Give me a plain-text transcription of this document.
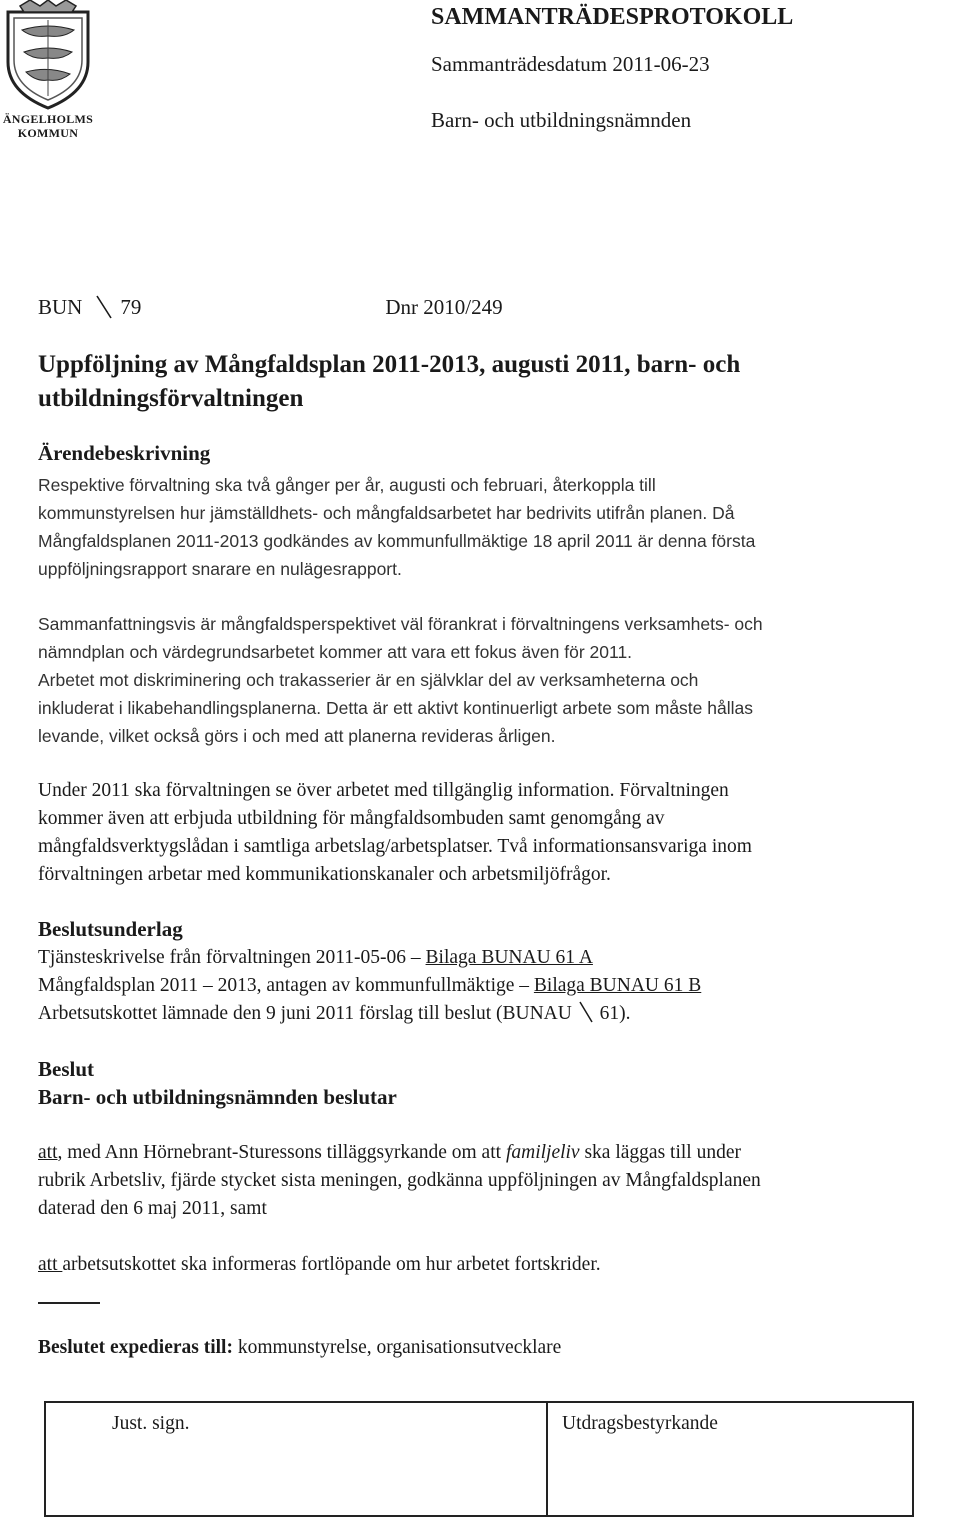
ÄNGELHOLMS
KOMMUN
SAMMANTRÄDESPROTOKOLL
Sammanträdesdatum 2011-06-23
Barn- och utbildningsnämnden
BUN 79	Dnr 2010/249
Uppföljning av Mångfaldsplan 2011-2013, augusti 2011, barn- och
utbildningsförvaltningen
Ärendebeskrivning
Respektive förvaltning ska två gånger per år, augusti och februari, återkoppla till
kommunstyrelsen hur jämställdhets- och mångfaldsarbetet har bedrivits utifrån planen. Då
Mångfaldsplanen 2011-2013 godkändes av kommunfullmäktige 18 april 2011 är denna första
uppföljningsrapport snarare en nulägesrapport.
Sammanfattningsvis är mångfaldsperspektivet väl förankrat i förvaltningens verksamhets- och
nämndplan och värdegrundsarbetet kommer att vara ett fokus även för 2011.
Arbetet mot diskriminering och trakasserier är en självklar del av verksamheterna och
inkluderat i likabehandlingsplanerna. Detta är ett aktivt kontinuerligt arbete som måste hållas
levande, vilket också görs i och med att planerna revideras årligen.
Under 2011 ska förvaltningen se över arbetet med tillgänglig information. Förvaltningen
kommer även att erbjuda utbildning för mångfaldsombuden samt genomgång av
mångfaldsverktygslådan i samtliga arbetslag/arbetsplatser. Två informationsansvariga inom
förvaltningen arbetar med kommunikationskanaler och arbetsmiljöfrågor.
Beslutsunderlag
Tjänsteskrivelse från förvaltningen 2011-05-06 – Bilaga BUNAU 61 A
Mångfaldsplan 2011 – 2013, antagen av kommunfullmäktige – Bilaga BUNAU 61 B
Arbetsutskottet lämnade den 9 juni 2011 förslag till beslut (BUNAU  61).
Beslut
Barn- och utbildningsnämnden beslutar
att, med Ann Hörnebrant-Sturessons tilläggsyrkande om att familjeliv ska läggas till under
rubrik Arbetsliv, fjärde stycket sista meningen, godkänna uppföljningen av Mångfaldsplanen
daterad den 6 maj 2011, samt
att arbetsutskottet ska informeras fortlöpande om hur arbetet fortskrider.
Beslutet expedieras till: kommunstyrelse, organisationsutvecklare
Just. sign.	Utdragsbestyrkande
